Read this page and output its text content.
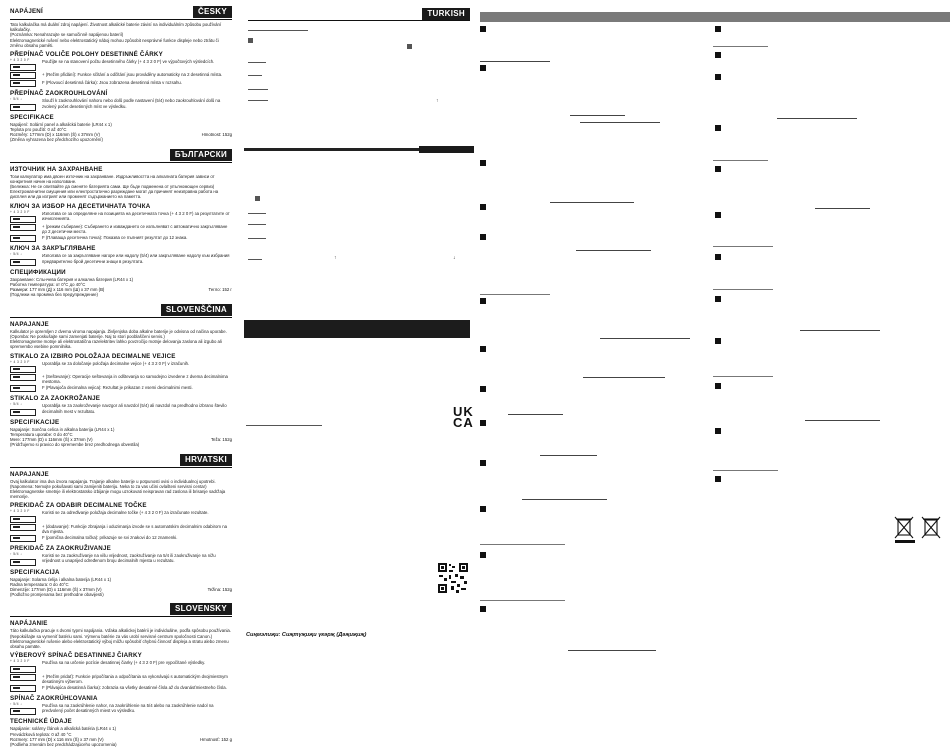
NAPÁJENÍ	ČESKY
Tato kalkulačka má duální zdroj napájení. Životnost alkalické baterie závisí na individuálním způsobu používání kalkulačky.
(Poznámka: Nenahrazujte se samočinně napájenou baterií)
Elektromagnetické rušení nebo elektrostatický náboj mohou způsobit nesprávné funkce displeje nebo ztrátu či změnu obsahu paměti.
PŘEPÍNAČ VOLIČE POLOHY DESETINNÉ ČÁRKY
+ 4 3 2 0 F	Použijte se na stanovení počtu desetinného čárky (+ 4 3 2 0 F) ve výpočtových výsledcích.
+ (Režim přidání): Funkce sčítání a odčítání jsou prováděny automaticky na 2 desetinná místa.
F (Plovoucí desetinná čárka): Jsou zobrazena desetinná místa v rozsahu.
PŘEPÍNAČ ZAOKROUHLOVÁNÍ
↑ 5/4 ↓	Slouží k zaokrouhlování nahoru nebo dolů podle nastavení (5/4) nebo zaokrouhlování dolů na zvolený počet desetinných míst ve výsledku.
SPECIFIKACE
Napájení: Solární panel a alkalická baterie (LR44 x 1)
Teplota pro použití: 0 až 40°C
Rozměry: 177mm (D) x 116mm (Š) x 37mm (V)	Hmotnost: 152g
(Změna vyhrazena bez předchozího upozornění)
БЪЛГАРСКИ
ИЗТОЧНИК НА ЗАХРАНВАНЕ
Този калкулатор има двоен източник на захранване. Издръжливостта на алкалната батерия зависи от конкретния начин на използване.
(Бележка: Не се опитвайте да сменяте батерията сами. Ще бъде подменена от упълномощен сервиз)
Електромагнитни смущения или електростатично разреждане могат да причинят неизправна работа на дисплея или да изтрият или променят съдържанието на паметта.
КЛЮЧ ЗА ИЗБОР НА ДЕСЕТИЧНАТА ТОЧКА
+ 4 3 2 0 F	Използва се за определяне на позицията на десетичната точка (+ 4 3 2 0 F) за резултатите от изчисленията.
+ (режим събиране): Събирането и изваждането се изпълняват с автоматично закръгляване до 2 десетични места.
F (Плаваща десетична точка): Показва се пълният резултат до 12 знака.
КЛЮЧ ЗА ЗАКРЪГЛЯВАНЕ
↑ 5/4 ↓	Използва се за закръгляване нагоре или надолу (5/4) или закръгляване надолу към избрания предварително брой десетични знаци в резултата.
СПЕЦИФИКАЦИИ
Захранване: Слънчева батерия и алкална батерия (LR44 x 1)
Работна температура: от 0°C до 40°C
Размери: 177 mm (Д) x 116 mm (Ш) x 37 mm (В)	Тегло: 152 г
(Подлежи на промяна без предупреждение)
SLOVENŠČINA
NAPAJANJE
Kalkulator je opremljen z dvema viroma napajanja. Življenjska doba alkalne baterije je odvisna od načina uporabe.
(Opomba: Ne poskušajte sami zamenjati baterije. Naj to stori pooblaščeni servis.)
Elektromagnetne motnje ali elektrostatična razelektritev lahko povzročijo motnje delovanja zaslona ali izgubo ali spremembo vsebine pomnilnika.
STIKALO ZA IZBIRO POLOŽAJA DECIMALNE VEJICE
+ 4 3 2 0 F	Uporablja se za določanje položaja decimalne vejice (+ 4 3 2 0 F) v izračunih.
+ (Seštevanje): Operacije seštevanja in odštevanja so samodejno izvedene z dvema decimalnima mestoma.
F (Plavajoča decimalna vejica): Rezultat je prikazan z vsemi decimalnimi mesti.
STIKALO ZA ZAOKROŽANJE
↑ 5/4 ↓	Uporablja se za zaokroževanje navzgor ali navzdol (5/4) ali navzdol na predhodno izbrano število decimalnih mest v rezultatu.
SPECIFIKACIJE
Napajanje: Sončna celica in alkalna baterija (LR44 x 1)
Temperatura uporabe: 0 do 40°C
Mere: 177mm (D) x 116mm (Š) x 37mm (V)	Teža: 152g
(Pridržujemo si pravico do spremembe brez predhodnega obvestila)
HRVATSKI
NAPAJANJE
Ovaj kalkulator ima dva izvora napajanja. Trajanje alkalne baterije u potpunosti ovisi o individualnoj upotrebi.
(Napomena: Nemojte pokušavati sami zamijeniti bateriju. Neka to za vas učini ovlašteni servisni centar)
Elektromagnetske smetnje ili elektrostatsko izbijanje mogu uzrokovati neispravan rad zaslona ili brisanje sadržaja memorije.
PREKIDAČ ZA ODABIR DECIMALNE TOČKE
+ 4 3 2 0 F	Koristi se za određivanje položaja decimalne točke (+ 4 3 2 0 F) za izračunate rezultate.
+ (dodavanje): Funkcije zbrajanja i oduzimanja izvode se s automatskim decimalnim odabirom na dva mjesta.
F (pomična decimalna točka): prikazuje se svi znakovi do 12 znamenki.
PREKIDAČ ZA ZAOKRUŽIVANJE
↑ 5/4 ↓	Koristi se za zaokruživanje na višu vrijednost, zaokruživanje na 5/4 ili zaokruživanje na nižu vrijednost u unaprijed određenom broju decimalnih mjesta u rezultatu.
SPECIFIKACIJA
Napajanje: Solarna ćelija i alkalna baterija (LR44 x 1)
Radna temperatura: 0 do 40°C
Dimenzije: 177mm (D) x 116mm (Š) x 37mm (V)	Težina: 152g
(Podložno promjenama bez prethodne obavijesti)
SLOVENSKY
NAPÁJANIE
Táto kalkulačka pracuje s dvomi typmi napájania. Vďaka alkalickej batérii je individuálne, podľa spôsobu používania.
(Nepokúšajte sa vymeniť batériu sami. Výmenu batérie za vás urobí servisné centrum spoločnosti Canon.)
Elektromagnetické rušenie alebo elektrostatický výboj môžu spôsobiť chybnú činnosť displeja a stratu alebo zmenu obsahu pamäte.
VÝBEROVÝ SPÍNAČ DESATINNEJ ČIARKY
+ 4 3 2 0 F	Používa sa na určenie pozície desatinnej čiarky (+ 4 3 2 0 F) pre vypočítané výsledky.
+ (Režim pridať): Funkcie pripočítania a odpočítania sa vykonávajú s automatickým dvojmiestnym desatinným výberom.
F (Plávajúca desatinná čiarka): zobrazia sa všetky desatinné čísla až do dvanásťmiestneho čísla.
SPÍNAČ ZAOKRÚHĽOVANIA
↑ 5/4 ↓	Používa sa na zaokrúhlenie nahor, na zaokrúhlenie na 5/4 alebo na zaokrúhlenie nadol na predvolený počet desatinných miest vo výsledku.
TECHNICKÉ ÚDAJE
Napájanie: solárny článok a alkalická batéria (LR44 x 1)
Prevádzková teplota: 0 až 40 °C
Rozmery: 177 mm (D) x 116 mm (Š) x 37 mm (V)	Hmotnosť: 152 g
(Podlieha zmenám bez predchádzajúceho upozornenia)
TURKISH
↑
↑	↓
UK
CA
Сиңмэлиҗи: Сиҗтүҗиҗи үкәрҗ (Дәҗиҗиҗ)
